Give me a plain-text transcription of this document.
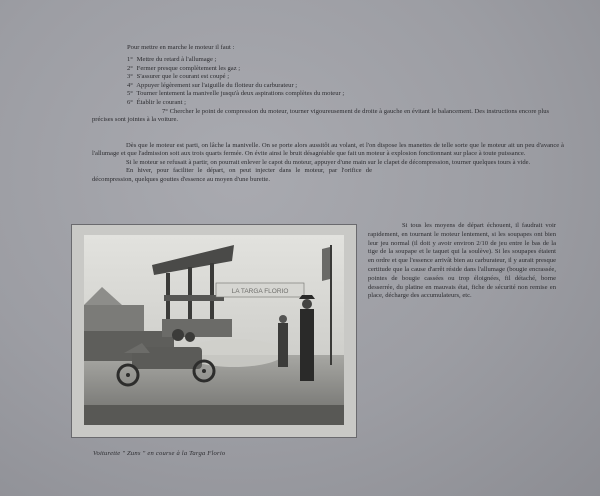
Pour mettre en marche le moteur il faut :
1° Mettre du retard à l'allumage ;
2° Fermer presque complètement les gaz ;
3° S'assurer que le courant est coupé ;
4° Appuyer légèrement sur l'aiguille du flotteur du carburateur ;
5° Tourner lentement la manivelle jusqu'à deux aspirations complètes du moteur ;
6° Établir le courant ;
7° Chercher le point de compression du moteur, tourner vigoureusement de droite à gauche en évitant le balancement. Des instructions encore plus précises sont jointes à la voiture.

Dès que le moteur est parti, on lâche la manivelle. On se porte alors aussitôt au volant, et l'on dispose les manettes de telle sorte que le moteur ait un peu d'avance à l'allumage et que l'admission soit aux trois quarts fermée. On évite ainsi le bruit désagréable que fait un moteur à explosion fonctionnant sur place à toute puissance.

Si le moteur se refusait à partir, on pourrait enlever le capot du moteur, appuyer d'une main sur le clapet de décompression, tourner quelques tours à vide.

En hiver, pour faciliter le départ, on peut injecter dans le moteur, par l'orifice de décompression, quelques gouttes d'essence au moyen d'une burette.

Si tous les moyens de départ échouent, il faudrait voir rapidement, en tournant le moteur lentement, si les soupapes ont bien leur jeu normal (il doit y avoir environ 2/10 de jeu entre le bas de la tige de la soupape et le taquet qui la soulève). Si les soupapes étaient en ordre et que l'essence arrivât bien au carburateur, il y aurait presque certitude que la cause d'arrêt réside dans l'allumage (bougie encrassée, pointes de bougie cassées ou trop éloignées, fil détaché, borne desserrée, du platine en mauvais état, fiche de sécurité non remise en place, décharge des accumulateurs, etc.

LA TARGA FLORIO
Voiturette " Zuns " en course à la Targa Florio
